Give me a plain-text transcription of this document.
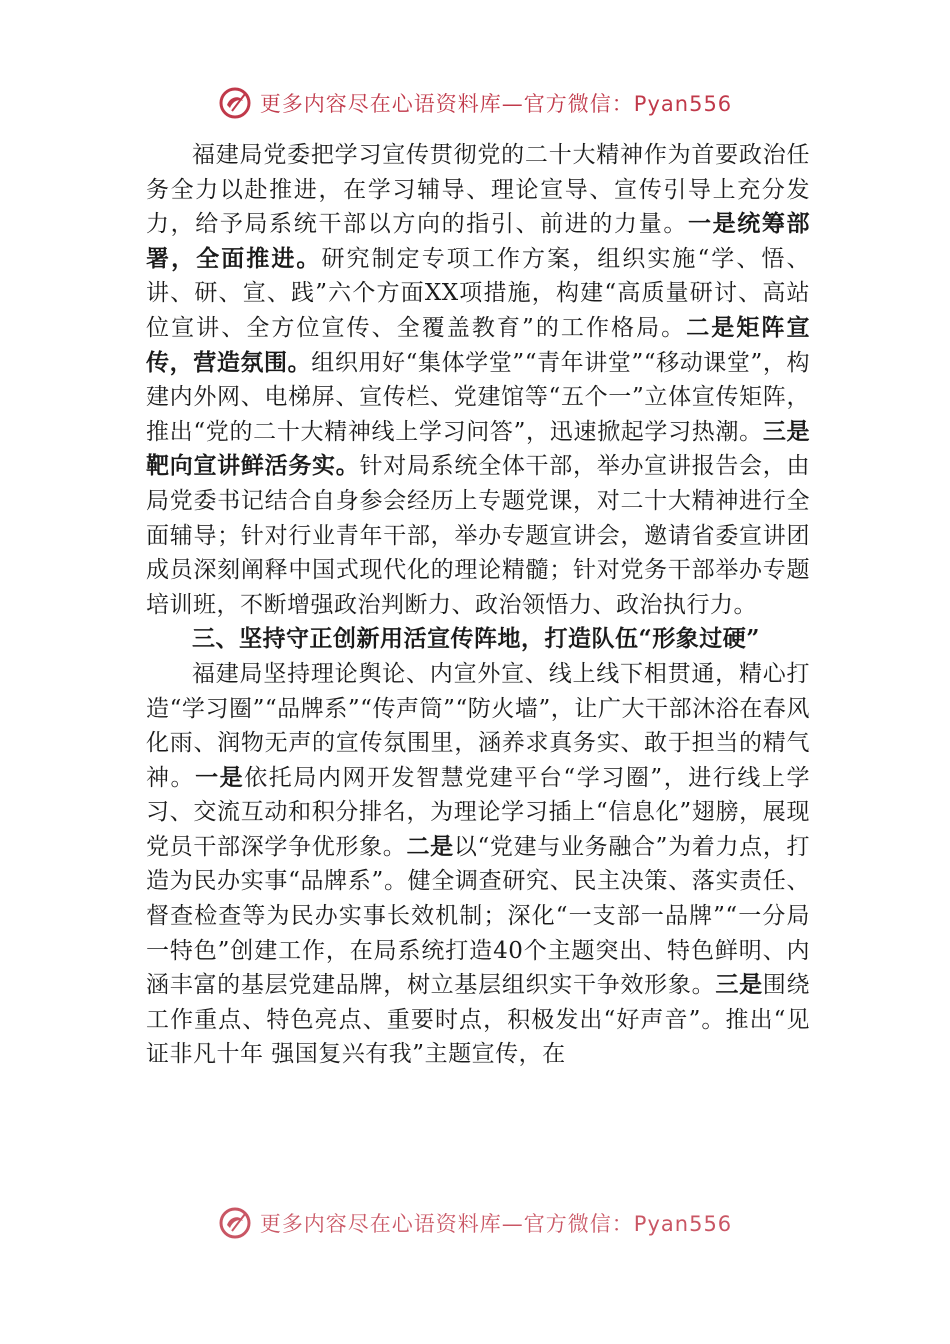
更多内容尽在心语资料库—官方微信：Pyan556

福建局党委把学习宣传贯彻党的二十大精神作为首要政治任务全力以赴推进，在学习辅导、理论宣导、宣传引导上充分发力，给予局系统干部以方向的指引、前进的力量。一是统筹部署，全面推进。研究制定专项工作方案，组织实施“学、悟、讲、研、宣、践”六个方面XX项措施，构建“高质量研讨、高站位宣讲、全方位宣传、全覆盖教育”的工作格局。二是矩阵宣传，营造氛围。组织用好“集体学堂”“青年讲堂”“移动课堂”，构建内外网、电梯屏、宣传栏、党建馆等“五个一”立体宣传矩阵，推出“党的二十大精神线上学习问答”，迅速掀起学习热潮。三是靶向宣讲鲜活务实。针对局系统全体干部，举办宣讲报告会，由局党委书记结合自身参会经历上专题党课，对二十大精神进行全面辅导；针对行业青年干部，举办专题宣讲会，邀请省委宣讲团成员深刻阐释中国式现代化的理论精髓；针对党务干部举办专题培训班，不断增强政治判断力、政治领悟力、政治执行力。

三、坚持守正创新用活宣传阵地，打造队伍“形象过硬”

福建局坚持理论舆论、内宣外宣、线上线下相贯通，精心打造“学习圈”“品牌系”“传声筒”“防火墙”，让广大干部沐浴在春风化雨、润物无声的宣传氛围里，涵养求真务实、敢于担当的精气神。一是依托局内网开发智慧党建平台“学习圈”，进行线上学习、交流互动和积分排名，为理论学习插上“信息化”翅膀，展现党员干部深学争优形象。二是以“党建与业务融合”为着力点，打造为民办实事“品牌系”。健全调查研究、民主决策、落实责任、督查检查等为民办实事长效机制；深化“一支部一品牌”“一分局一特色”创建工作，在局系统打造40个主题突出、特色鲜明、内涵丰富的基层党建品牌，树立基层组织实干争效形象。三是围绕工作重点、特色亮点、重要时点，积极发出“好声音”。推出“见证非凡十年 强国复兴有我”主题宣传，在

更多内容尽在心语资料库—官方微信：Pyan556
